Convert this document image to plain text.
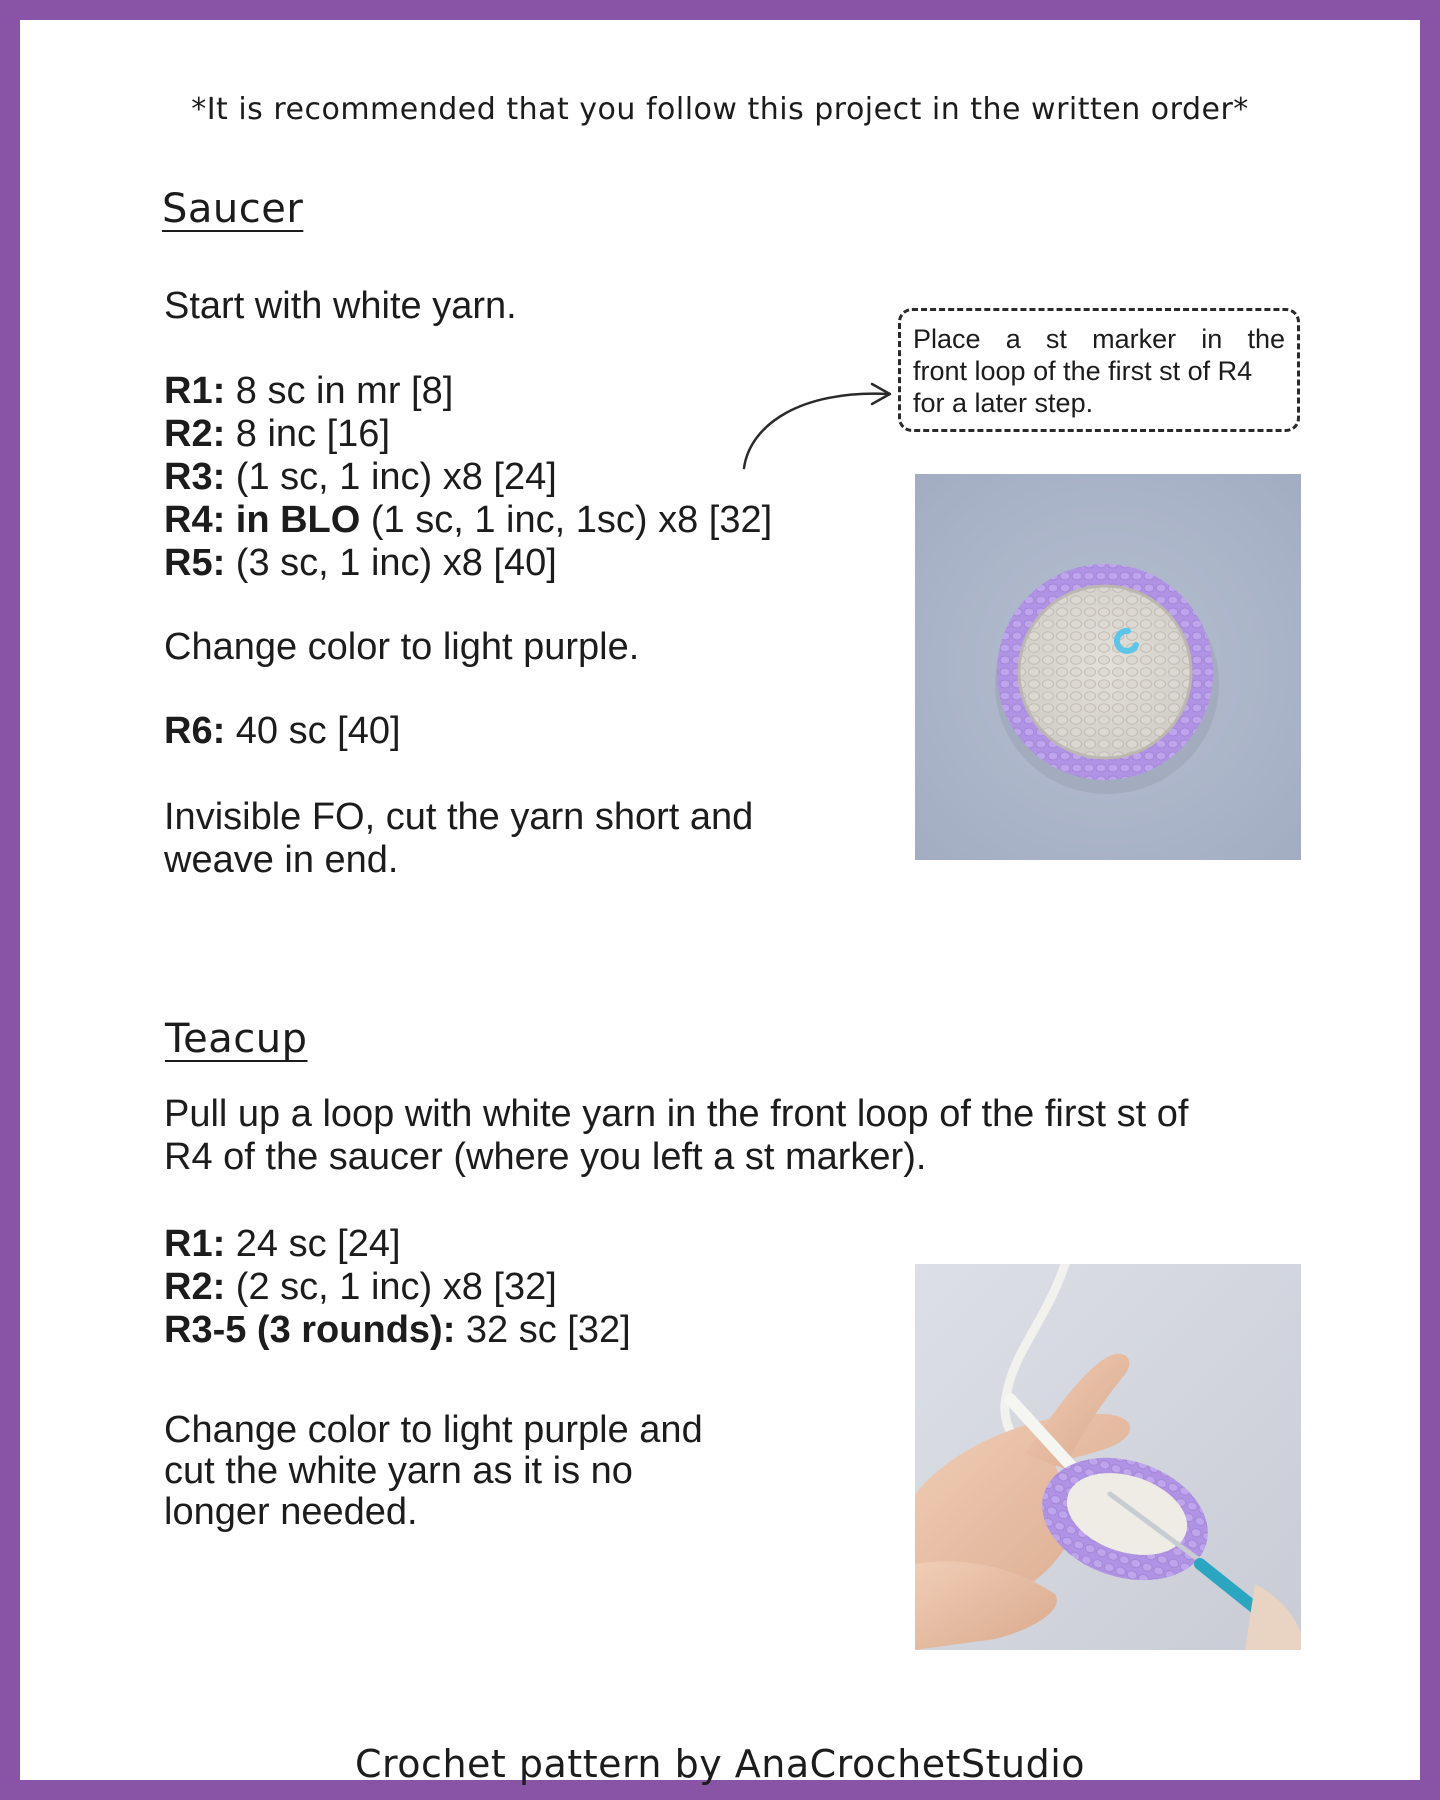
*It is recommended that you follow this project in the written order*
Saucer
Start with white yarn.
R1: 8 sc in mr [8]
R2: 8 inc [16]
R3: (1 sc, 1 inc) x8 [24]
R4: in BLO (1 sc, 1 inc, 1sc) x8 [32]
R5: (3 sc, 1 inc) x8 [40]
Change color to light purple.
R6: 40 sc [40]
Invisible FO, cut the yarn short and
weave in end.
Place a st marker in the
front loop of the first st of R4
for a later step.
Teacup
Pull up a loop with white yarn in the front loop of the first st of
R4 of the saucer (where you left a st marker).
R1: 24 sc [24]
R2: (2 sc, 1 inc) x8 [32]
R3-5 (3 rounds): 32 sc [32]
Change color to light purple and
cut the white yarn as it is no
longer needed.
Crochet pattern by AnaCrochetStudio
